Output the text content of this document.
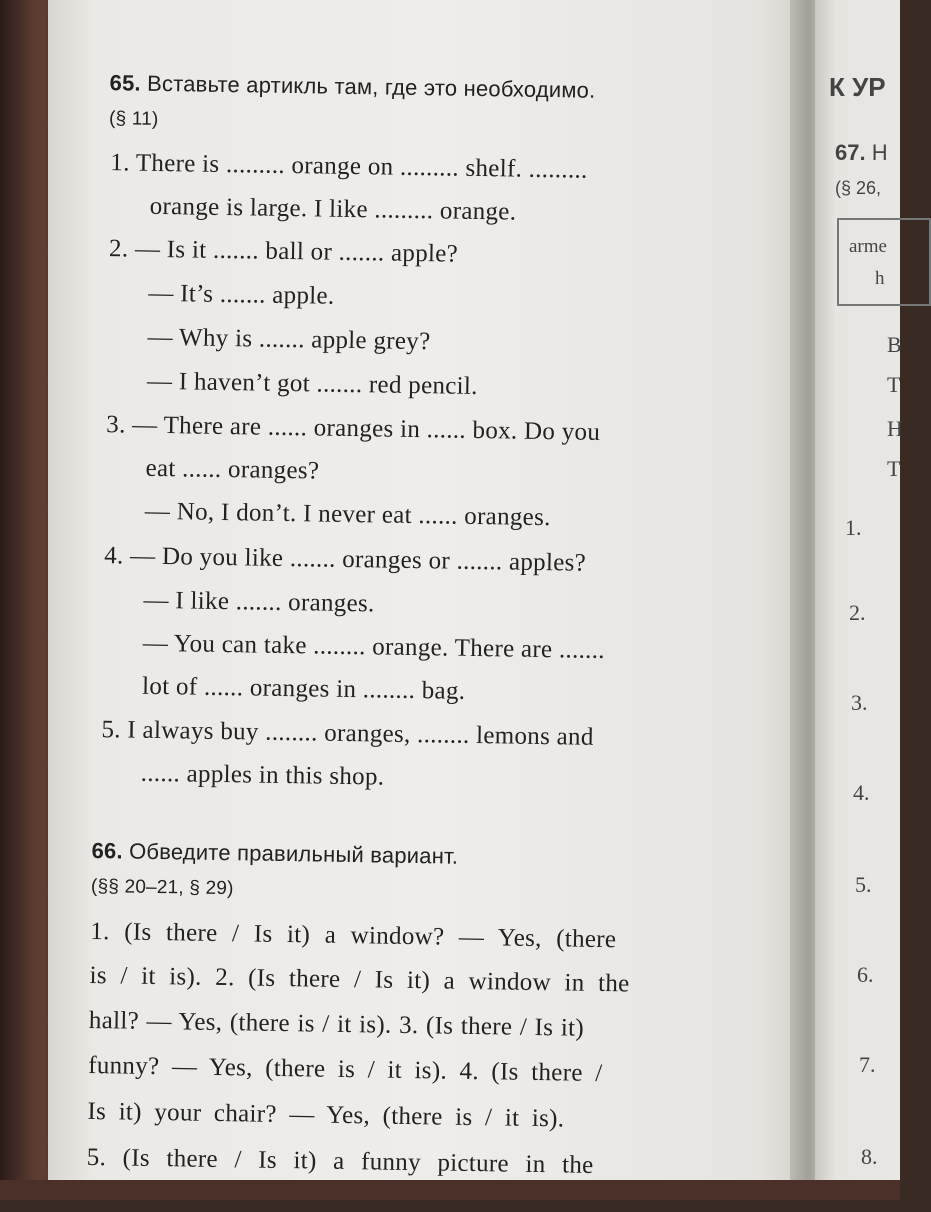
К УР
67. Н
(§ 26,
arme
h
В
Т
Н
Т
1.
2.
3.
4.
5.
6.
7.
8.
65. Вставьте артикль там, где это необходимо.
(§ 11)
1. There is ......... orange on ......... shelf. .........
orange is large. I like ......... orange.
2. — Is it ....... ball or ....... apple?
— It’s ....... apple.
— Why is ....... apple grey?
— I haven’t got ....... red pencil.
3. — There are ...... oranges in ...... box. Do you
eat ...... oranges?
— No, I don’t. I never eat ...... oranges.
4. — Do you like ....... oranges or ....... apples?
— I like ....... oranges.
— You can take ........ orange. There are .......
lot of ...... oranges in ........ bag.
5. I always buy ........ oranges, ........ lemons and
...... apples in this shop.
66. Обведите правильный вариант.
(§§ 20–21, § 29)
1. (Is there / Is it) a window? — Yes, (there
is / it is). 2. (Is there / Is it) a window in the
hall? — Yes, (there is / it is). 3. (Is there / Is it)
funny? — Yes, (there is / it is). 4. (Is there /
Is it) your chair? — Yes, (there is / it is).
5. (Is there / Is it) a funny picture in the
